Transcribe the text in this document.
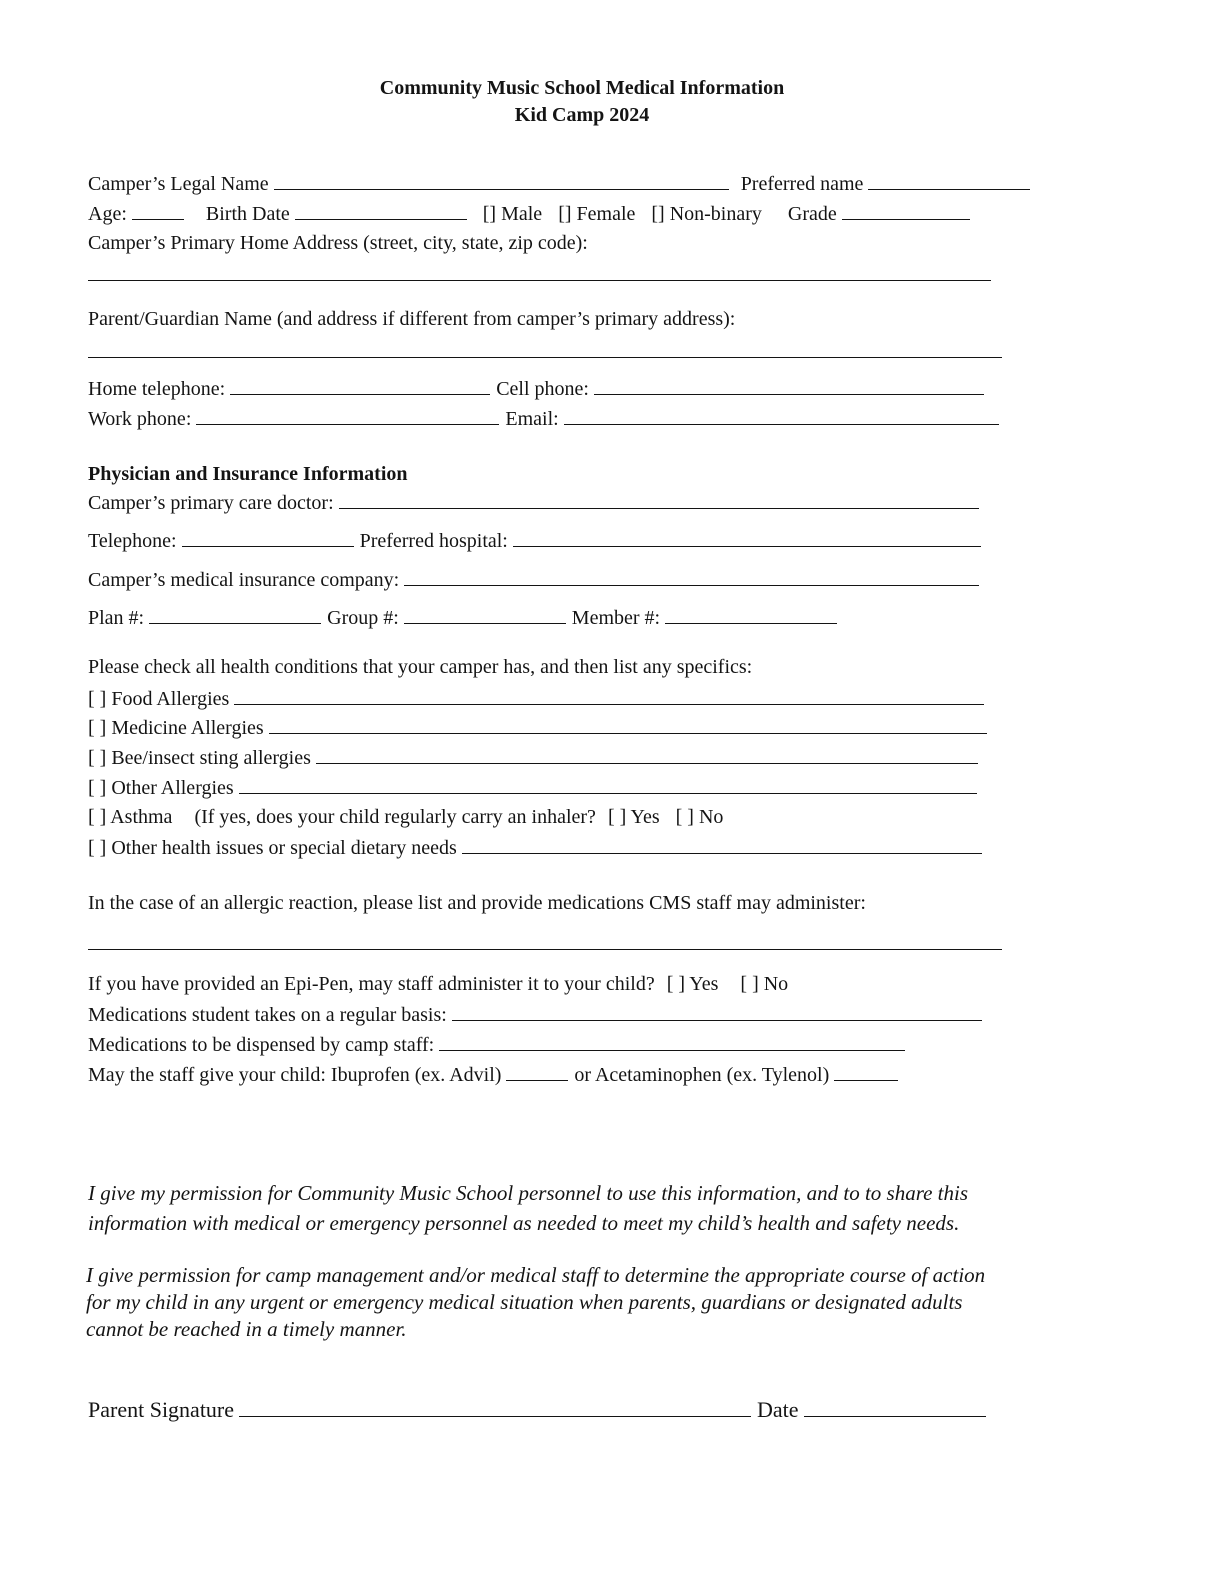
Community Music School Medical Information
Kid Camp 2024
Camper’s Legal Name	Preferred name
Age:	Birth Date	[] Male [] Female [] Non-binary Grade
Camper’s Primary Home Address (street, city, state, zip code):
Parent/Guardian Name (and address if different from camper’s primary address):
Home telephone:	Cell phone:
Work phone:	Email:
Physician and Insurance Information
Camper’s primary care doctor:
Telephone:	Preferred hospital:
Camper’s medical insurance company:
Plan #:	Group #:	Member #:
Please check all health conditions that your camper has, and then list any specifics:
[ ] Food Allergies
[ ] Medicine Allergies
[ ] Bee/insect sting allergies
[ ] Other Allergies
[ ] Asthma (If yes, does your child regularly carry an inhaler? [ ] Yes [ ] No
[ ] Other health issues or special dietary needs
In the case of an allergic reaction, please list and provide medications CMS staff may administer:
If you have provided an Epi-Pen, may staff administer it to your child? [ ] Yes [ ] No
Medications student takes on a regular basis:
Medications to be dispensed by camp staff:
May the staff give your child: Ibuprofen (ex. Advil)	or Acetaminophen (ex. Tylenol)
I give my permission for Community Music School personnel to use this information, and to to share this
information with medical or emergency personnel as needed to meet my child’s health and safety needs.
I give permission for camp management and/or medical staff to determine the appropriate course of action
for my child in any urgent or emergency medical situation when parents, guardians or designated adults
cannot be reached in a timely manner.
Parent Signature	Date
